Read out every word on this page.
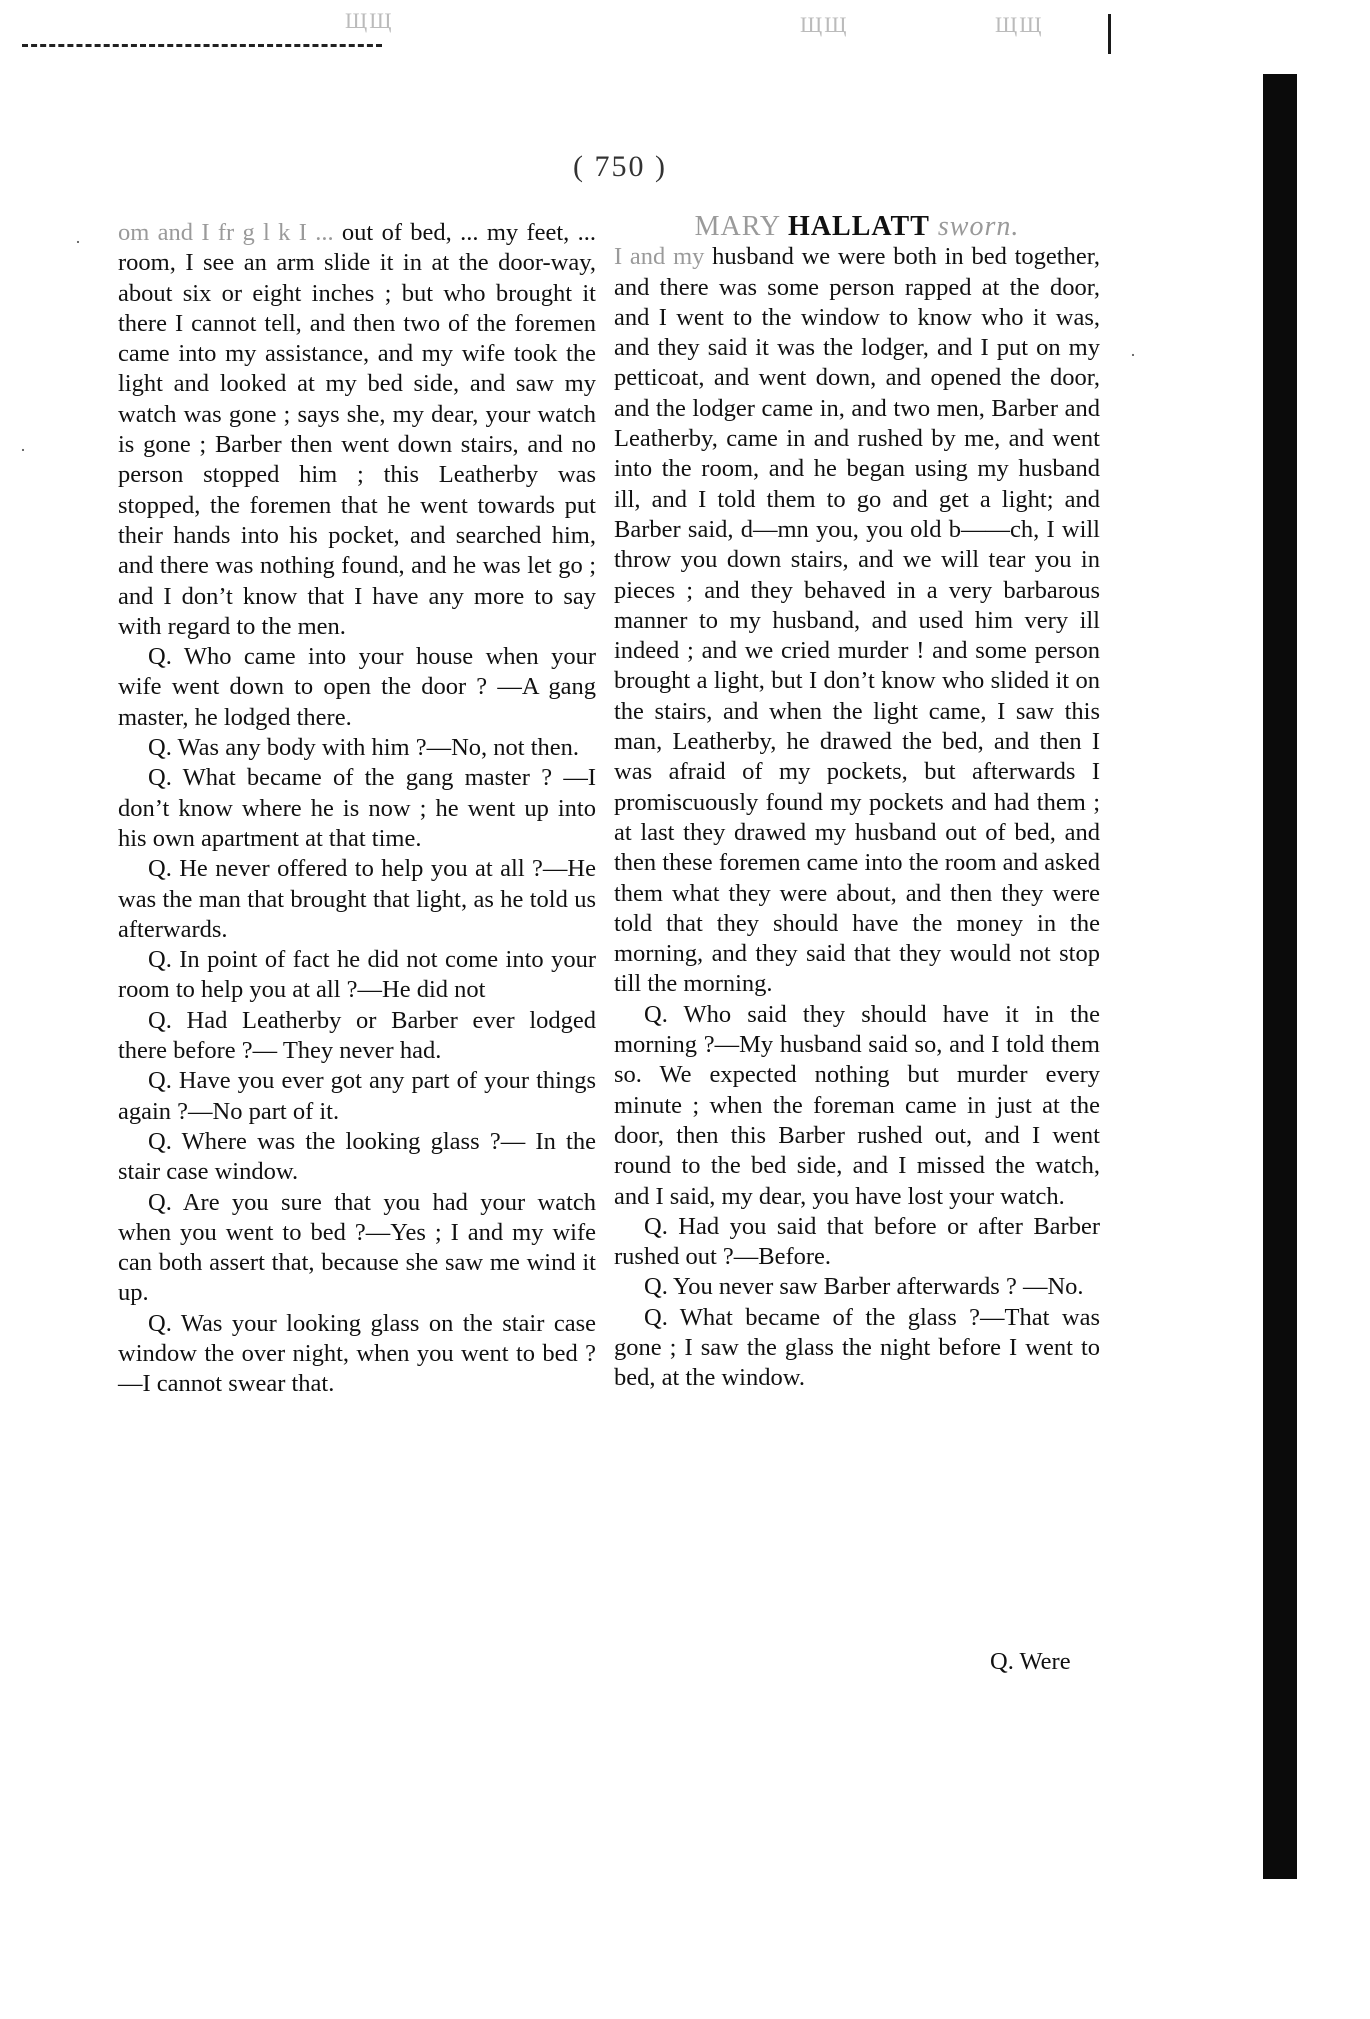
ЩЩ	ЩЩ	ЩЩ
·
·
·
( 750 )

om and I fr g l k I ... out of bed, ... my feet, ... room, I see an arm slide it in at the door-way, about six or eight inches ; but who brought it there I cannot tell, and then two of the foremen came into my assistance, and my wife took the light and looked at my bed side, and saw my watch was gone ; says she, my dear, your watch is gone ; Barber then went down stairs, and no person stopped him ; this Leatherby was stopped, the foremen that he went towards put their hands into his pocket, and searched him, and there was nothing found, and he was let go ; and I don’t know that I have any more to say with regard to the men.

Q. Who came into your house when your wife went down to open the door ? —A gang master, he lodged there.

Q. Was any body with him ?—No, not then.

Q. What became of the gang master ? —I don’t know where he is now ; he went up into his own apartment at that time.

Q. He never offered to help you at all ?—He was the man that brought that light, as he told us afterwards.

Q. In point of fact he did not come into your room to help you at all ?—He did not

Q. Had Leatherby or Barber ever lodged there before ?— They never had.

Q. Have you ever got any part of your things again ?—No part of it.

Q. Where was the looking glass ?— In the stair case window.

Q. Are you sure that you had your watch when you went to bed ?—Yes ; I and my wife can both assert that, because she saw me wind it up.

Q. Was your looking glass on the stair case window the over night, when you went to bed ?—I cannot swear that.

MARY HALLATT sworn.

I and my husband we were both in bed together, and there was some person rapped at the door, and I went to the window to know who it was, and they said it was the lodger, and I put on my petticoat, and went down, and opened the door, and the lodger came in, and two men, Barber and Leatherby, came in and rushed by me, and went into the room, and he began using my husband ill, and I told them to go and get a light; and Barber said, d—mn you, you old b——ch, I will throw you down stairs, and we will tear you in pieces ; and they behaved in a very barbarous manner to my husband, and used him very ill indeed ; and we cried murder ! and some person brought a light, but I don’t know who slided it on the stairs, and when the light came, I saw this man, Leatherby, he drawed the bed, and then I was afraid of my pockets, but afterwards I promiscuously found my pockets and had them ; at last they drawed my husband out of bed, and then these foremen came into the room and asked them what they were about, and then they were told that they should have the money in the morning, and they said that they would not stop till the morning.

Q. Who said they should have it in the morning ?—My husband said so, and I told them so. We expected nothing but murder every minute ; when the foreman came in just at the door, then this Barber rushed out, and I went round to the bed side, and I missed the watch, and I said, my dear, you have lost your watch.

Q. Had you said that before or after Barber rushed out ?—Before.

Q. You never saw Barber afterwards ? —No.

Q. What became of the glass ?—That was gone ; I saw the glass the night before I went to bed, at the window.

Q. Were
